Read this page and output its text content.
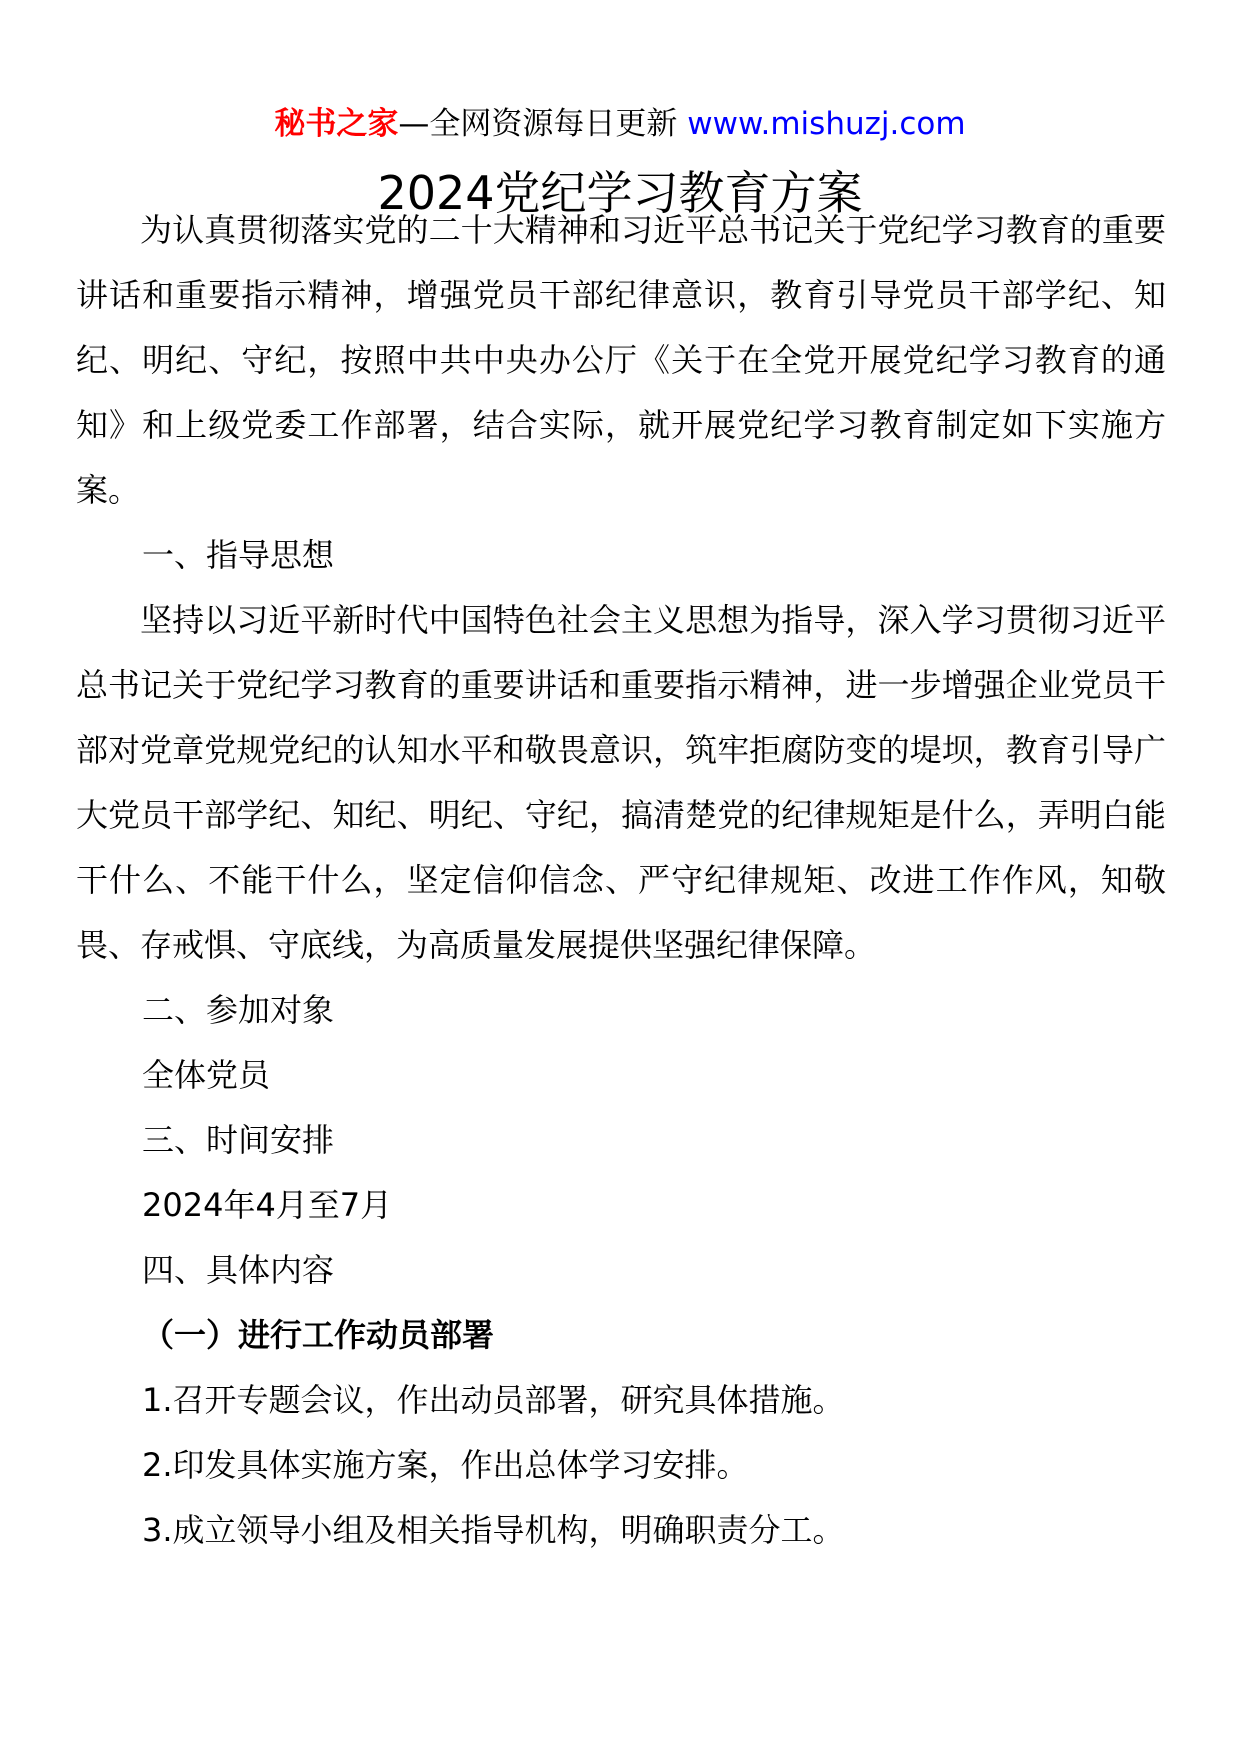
秘书之家—全网资源每日更新 www.mishuzj.com
2024党纪学习教育方案

为认真贯彻落实党的二十大精神和习近平总书记关于党纪学习教育的重要讲话和重要指示精神，增强党员干部纪律意识，教育引导党员干部学纪、知纪、明纪、守纪，按照中共中央办公厅《关于在全党开展党纪学习教育的通知》和上级党委工作部署，结合实际，就开展党纪学习教育制定如下实施方案。

一、指导思想

坚持以习近平新时代中国特色社会主义思想为指导，深入学习贯彻习近平总书记关于党纪学习教育的重要讲话和重要指示精神，进一步增强企业党员干部对党章党规党纪的认知水平和敬畏意识，筑牢拒腐防变的堤坝，教育引导广大党员干部学纪、知纪、明纪、守纪，搞清楚党的纪律规矩是什么，弄明白能干什么、不能干什么，坚定信仰信念、严守纪律规矩、改进工作作风，知敬畏、存戒惧、守底线，为高质量发展提供坚强纪律保障。

二、参加对象

全体党员

三、时间安排

2024年4月至7月

四、具体内容

（一）进行工作动员部署

1.召开专题会议，作出动员部署，研究具体措施。

2.印发具体实施方案，作出总体学习安排。

3.成立领导小组及相关指导机构，明确职责分工。
